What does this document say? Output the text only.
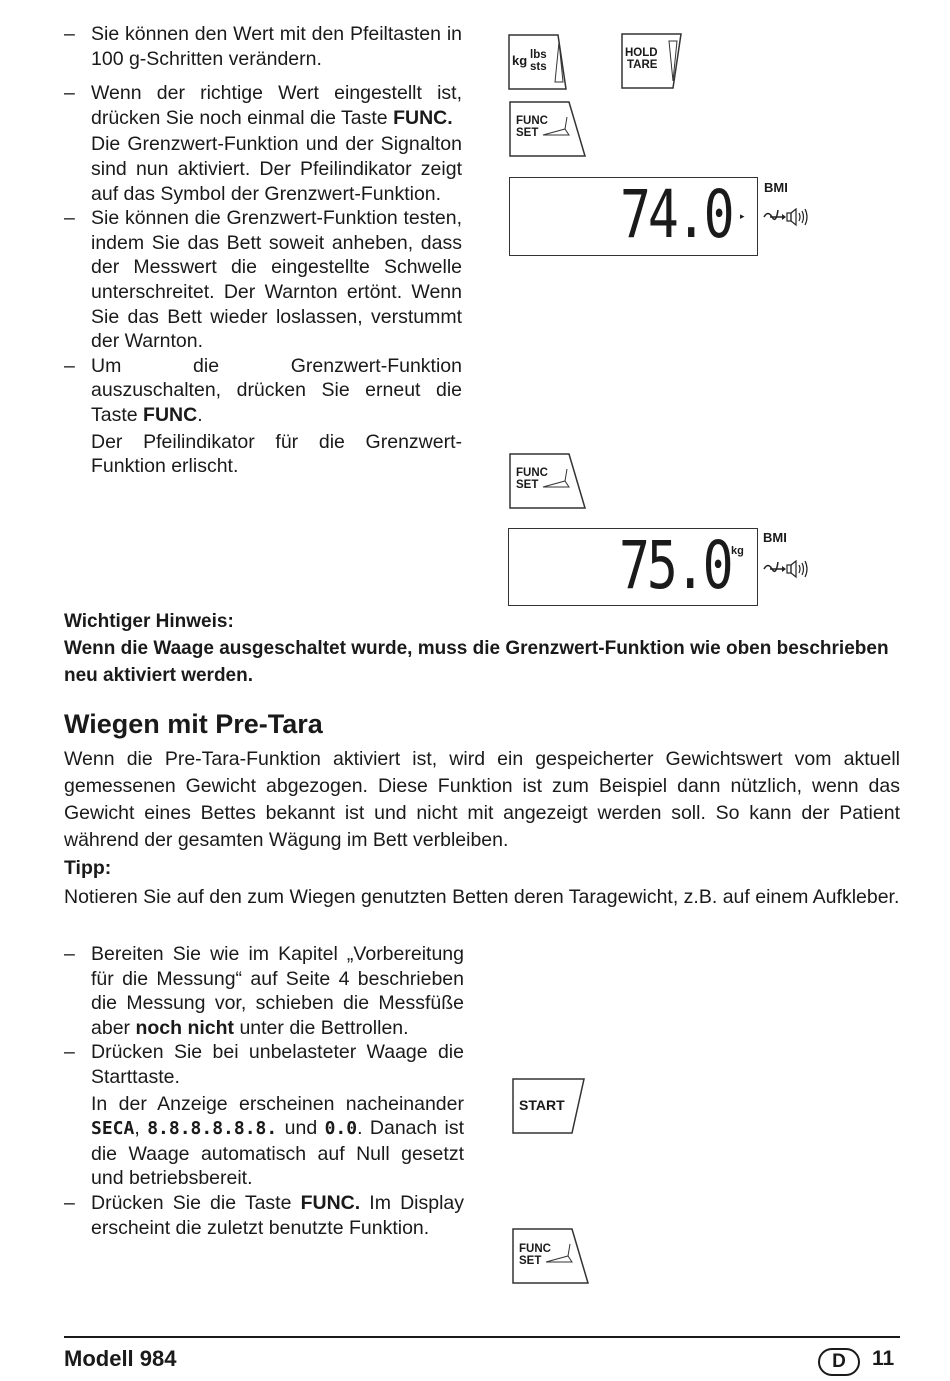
– Sie können den Wert mit den Pfeiltasten in 100 g-Schritten verändern.

– Wenn der richtige Wert eingestellt ist, drücken Sie noch einmal die Taste FUNC.

Die Grenzwert-Funktion und der Signalton sind nun aktiviert. Der Pfeilindikator zeigt auf das Symbol der Grenzwert-Funktion.

– Sie können die Grenzwert-Funktion testen, indem Sie das Bett soweit anheben, dass der Messwert die eingestellte Schwelle unterschreitet. Der Warnton ertönt. Wenn Sie das Bett wieder loslassen, verstummt der Warnton.

– Um die Grenzwert-Funktion auszuschalten, drücken Sie erneut die Taste FUNC.

Der Pfeilindikator für die Grenzwert-Funktion erlischt.

kg lbs
sts
HOLD
TARE
FUNC
SET
74.0 ▸
BMI
FUNC
SET
75.0 kg
BMI
Wichtiger Hinweis:
Wenn die Waage ausgeschaltet wurde, muss die Grenzwert-Funktion wie oben beschrieben neu aktiviert werden.
Wiegen mit Pre-Tara
Wenn die Pre-Tara-Funktion aktiviert ist, wird ein gespeicherter Gewichtswert vom aktuell gemessenen Gewicht abgezogen. Diese Funktion ist zum Beispiel dann nützlich, wenn das Gewicht eines Bettes bekannt ist und nicht mit angezeigt werden soll. So kann der Patient während der gesamten Wägung im Bett verbleiben.
Tipp:
Notieren Sie auf den zum Wiegen genutzten Betten deren Taragewicht, z.B. auf einem Aufkleber.
– Bereiten Sie wie im Kapitel „Vorbereitung für die Messung“ auf Seite 4 beschrieben die Messung vor, schieben die Messfüße aber noch nicht unter die Bettrollen.

– Drücken Sie bei unbelasteter Waage die Starttaste.

In der Anzeige erscheinen nacheinander SECA, 8.8.8.8.8.8. und 0.0. Danach ist die Waage automatisch auf Null gesetzt und betriebsbereit.

– Drücken Sie die Taste FUNC. Im Display erscheint die zuletzt benutzte Funktion.

START
FUNC
SET
Modell 984	D	11
